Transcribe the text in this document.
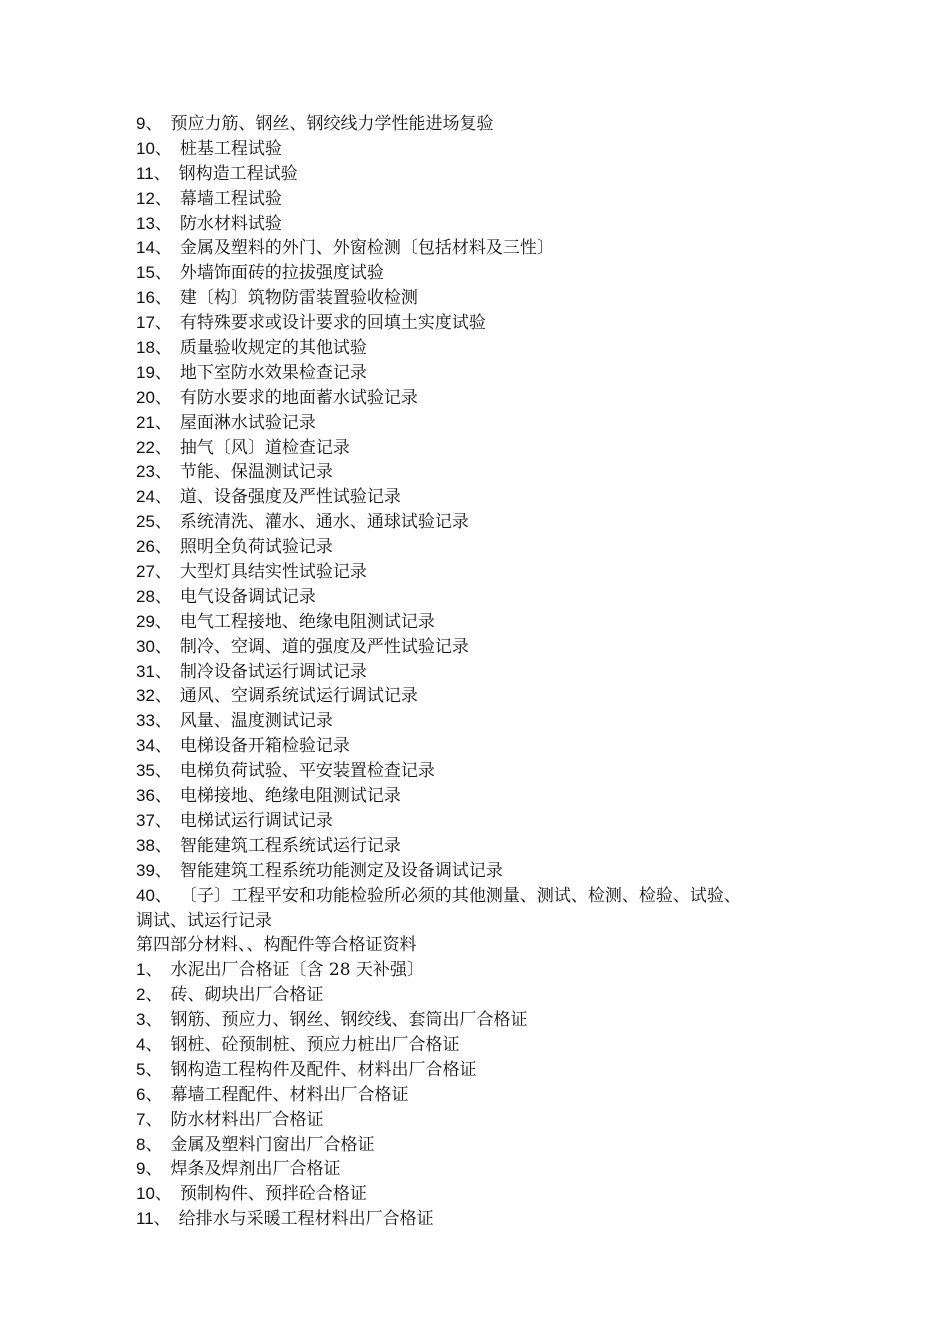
9、 预应力筋、钢丝、钢绞线力学性能进场复验
10、 桩基工程试验
11、 钢构造工程试验
12、 幕墙工程试验
13、 防水材料试验
14、 金属及塑料的外门、外窗检测〔包括材料及三性〕
15、 外墙饰面砖的拉拔强度试验
16、 建〔构〕筑物防雷装置验收检测
17、 有特殊要求或设计要求的回填土实度试验
18、 质量验收规定的其他试验
19、 地下室防水效果检查记录
20、 有防水要求的地面蓄水试验记录
21、 屋面淋水试验记录
22、 抽气〔风〕道检查记录
23、 节能、保温测试记录
24、 道、设备强度及严性试验记录
25、 系统清洗、灌水、通水、通球试验记录
26、 照明全负荷试验记录
27、 大型灯具结实性试验记录
28、 电气设备调试记录
29、 电气工程接地、绝缘电阻测试记录
30、 制冷、空调、道的强度及严性试验记录
31、 制冷设备试运行调试记录
32、 通风、空调系统试运行调试记录
33、 风量、温度测试记录
34、 电梯设备开箱检验记录
35、 电梯负荷试验、平安装置检查记录
36、 电梯接地、绝缘电阻测试记录
37、 电梯试运行调试记录
38、 智能建筑工程系统试运行记录
39、 智能建筑工程系统功能测定及设备调试记录
40、 〔子〕工程平安和功能检验所必须的其他测量、测试、检测、检验、试验、
调试、试运行记录
第四部分材料、、构配件等合格证资料
1、 水泥出厂合格证〔含 28 天补强〕
2、 砖、砌块出厂合格证
3、 钢筋、预应力、钢丝、钢绞线、套筒出厂合格证
4、 钢桩、砼预制桩、预应力桩出厂合格证
5、 钢构造工程构件及配件、材料出厂合格证
6、 幕墙工程配件、材料出厂合格证
7、 防水材料出厂合格证
8、 金属及塑料门窗出厂合格证
9、 焊条及焊剂出厂合格证
10、 预制构件、预拌砼合格证
11、 给排水与采暖工程材料出厂合格证
